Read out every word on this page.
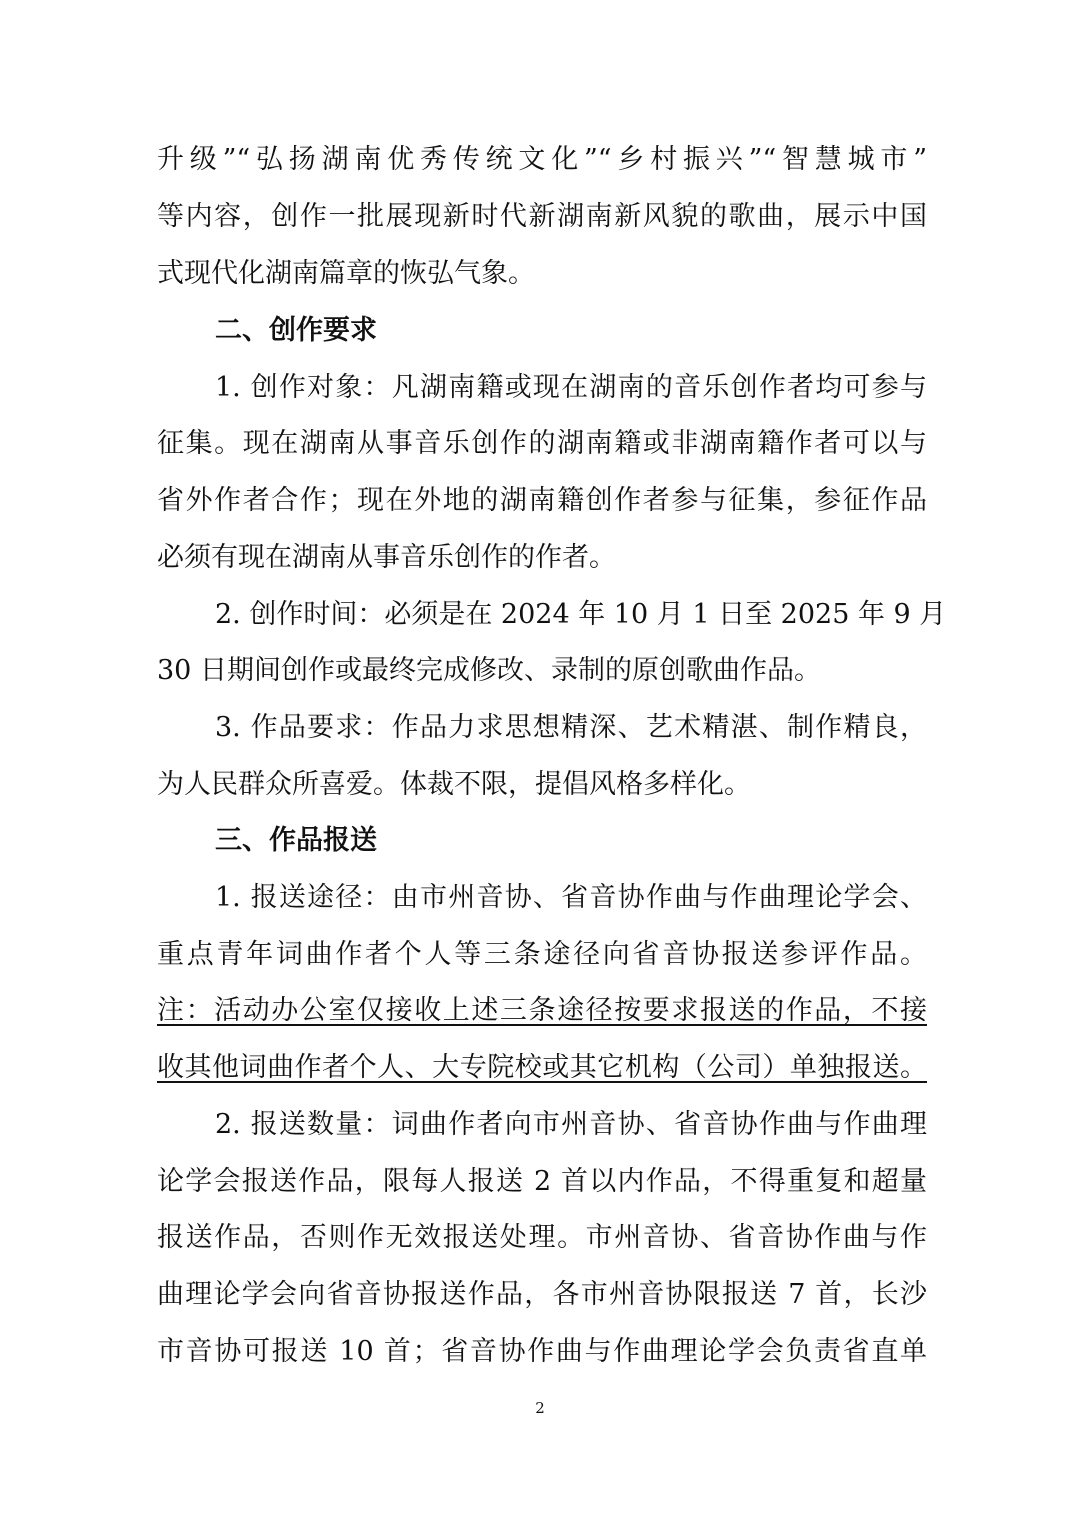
升级”“弘扬湖南优秀传统文化”“乡村振兴”“智慧城市”
等内容，创作一批展现新时代新湖南新风貌的歌曲，展示中国
式现代化湖南篇章的恢弘气象。
二、创作要求
1. 创作对象：凡湖南籍或现在湖南的音乐创作者均可参与
征集。现在湖南从事音乐创作的湖南籍或非湖南籍作者可以与
省外作者合作；现在外地的湖南籍创作者参与征集，参征作品
必须有现在湖南从事音乐创作的作者。
2. 创作时间：必须是在 2024 年 10 月 1 日至 2025 年 9 月
30 日期间创作或最终完成修改、录制的原创歌曲作品。
3. 作品要求：作品力求思想精深、艺术精湛、制作精良，
为人民群众所喜爱。体裁不限，提倡风格多样化。
三、作品报送
1. 报送途径：由市州音协、省音协作曲与作曲理论学会、
重点青年词曲作者个人等三条途径向省音协报送参评作品。
注：活动办公室仅接收上述三条途径按要求报送的作品，不接
收其他词曲作者个人、大专院校或其它机构（公司）单独报送。
2. 报送数量：词曲作者向市州音协、省音协作曲与作曲理
论学会报送作品，限每人报送 2 首以内作品，不得重复和超量
报送作品，否则作无效报送处理。市州音协、省音协作曲与作
曲理论学会向省音协报送作品，各市州音协限报送 7 首，长沙
市音协可报送 10 首；省音协作曲与作曲理论学会负责省直单
2
